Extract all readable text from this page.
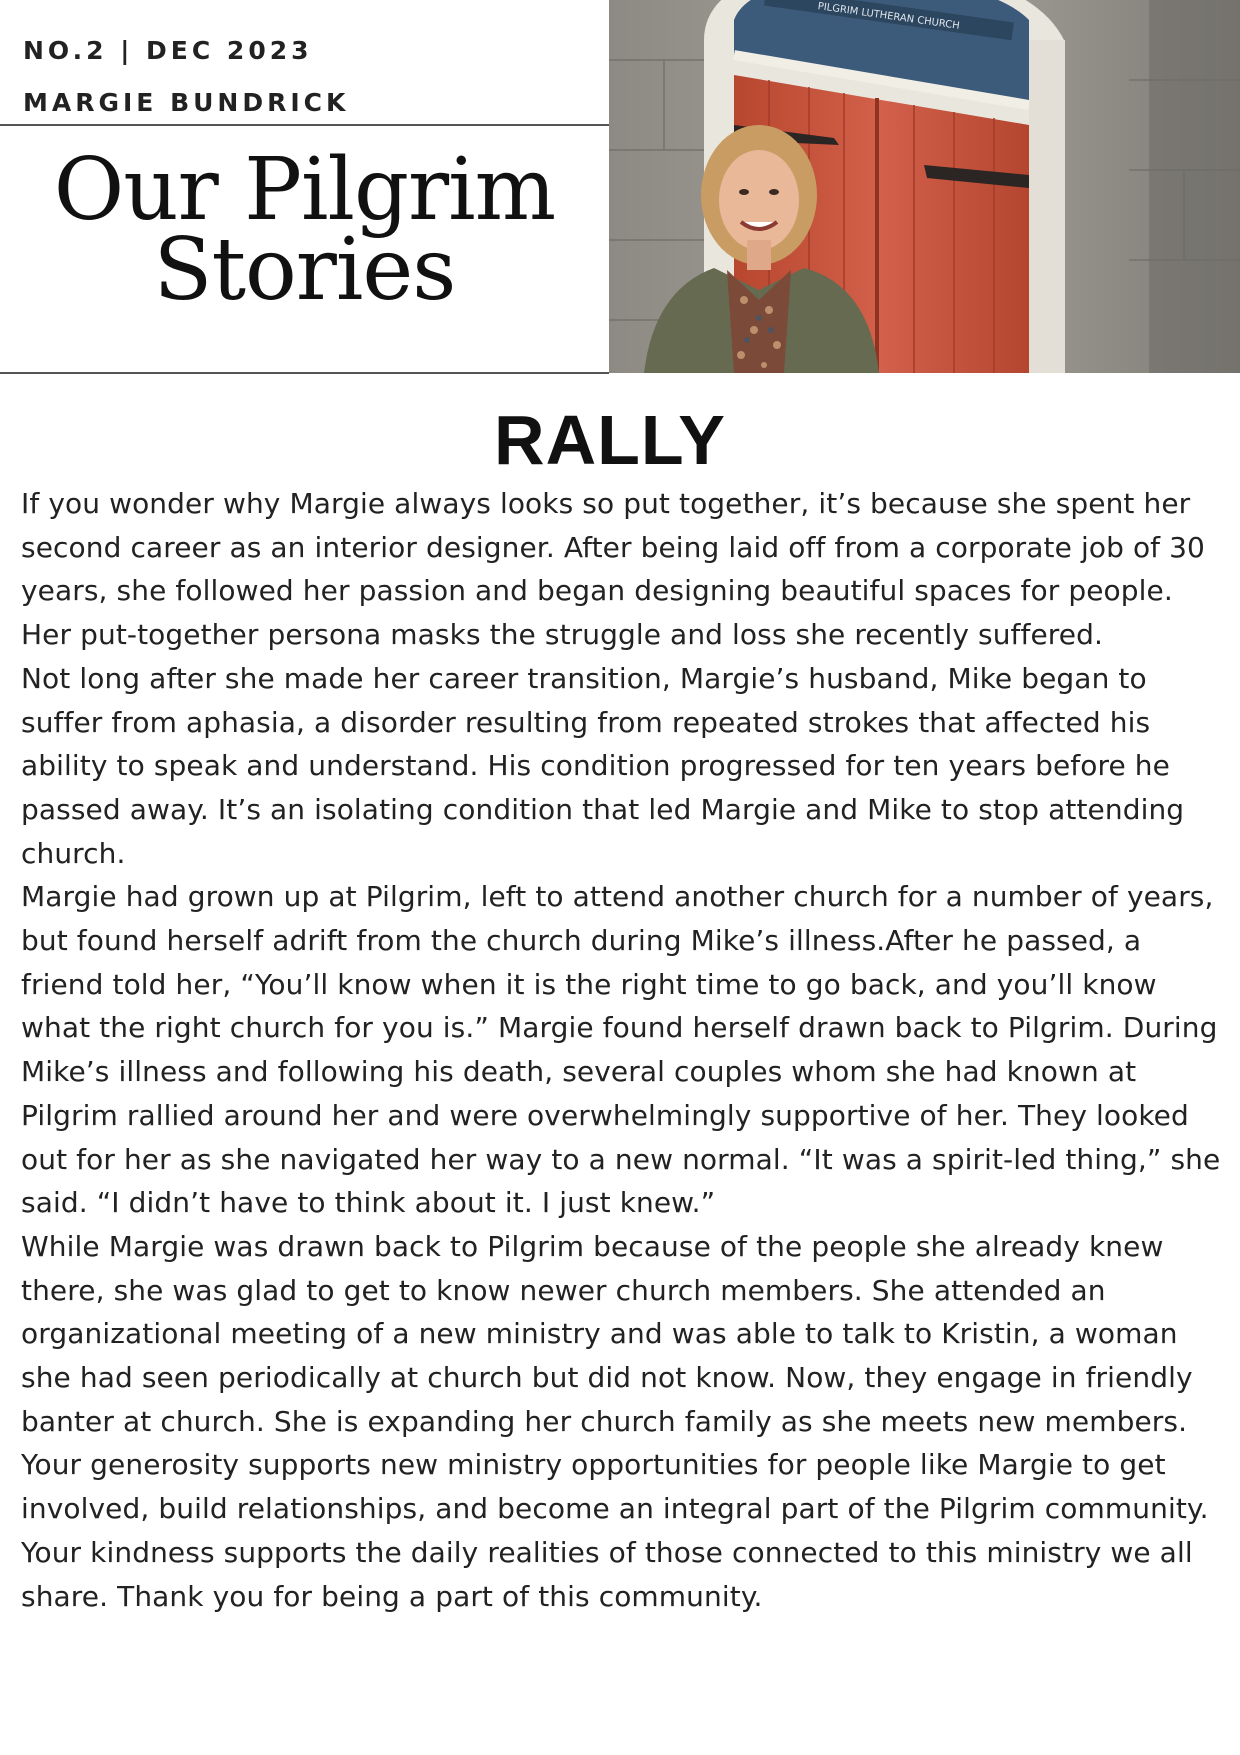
NO.2 | DEC 2023
MARGIE BUNDRICK
Our Pilgrim
Stories
PILGRIM LUTHERAN CHURCH
RALLY

If you wonder why Margie always looks so put together, it’s because she spent her second career as an interior designer. After being laid off from a corporate job of 30 years, she followed her passion and began designing beautiful spaces for people. Her put-together persona masks the struggle and loss she recently suffered.

Not long after she made her career transition, Margie’s husband, Mike began to suffer from aphasia, a disorder resulting from repeated strokes that affected his ability to speak and understand. His condition progressed for ten years before he passed away. It’s an isolating condition that led Margie and Mike to stop attending church.

Margie had grown up at Pilgrim, left to attend another church for a number of years, but found herself adrift from the church during Mike’s illness.After he passed, a friend told her, “You’ll know when it is the right time to go back, and you’ll know what the right church for you is.” Margie found herself drawn back to Pilgrim. During Mike’s illness and following his death, several couples whom she had known at Pilgrim rallied around her and were overwhelmingly supportive of her. They looked out for her as she navigated her way to a new normal. “It was a spirit-led thing,” she said. “I didn’t have to think about it. I just knew.”

While Margie was drawn back to Pilgrim because of the people she already knew there, she was glad to get to know newer church members. She attended an organizational meeting of a new ministry and was able to talk to Kristin, a woman she had seen periodically at church but did not know. Now, they engage in friendly banter at church. She is expanding her church family as she meets new members.

Your generosity supports new ministry opportunities for people like Margie to get involved, build relationships, and become an integral part of the Pilgrim community. Your kindness supports the daily realities of those connected to this ministry we all share. Thank you for being a part of this community.
